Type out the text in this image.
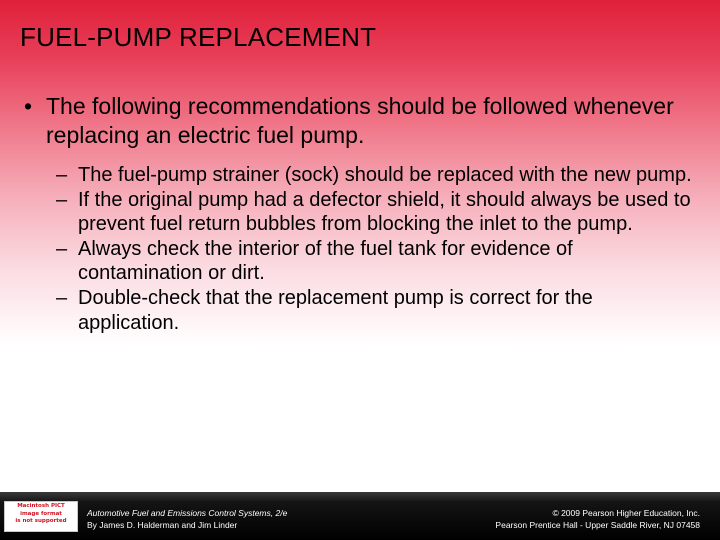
FUEL-PUMP REPLACEMENT
• The following recommendations should be followed whenever replacing an electric fuel pump.
– The fuel-pump strainer (sock) should be replaced with the new pump.
– If the original pump had a defector shield, it should always be used to prevent fuel return bubbles from blocking the inlet to the pump.
– Always check the interior of the fuel tank for evidence of contamination or dirt.
– Double-check that the replacement pump is correct for the application.
Macintosh PICT
image format
is not supported
Automotive Fuel and Emissions Control Systems, 2/e
By James D. Halderman and Jim Linder
© 2009 Pearson Higher Education, Inc.
Pearson Prentice Hall - Upper Saddle River, NJ 07458
